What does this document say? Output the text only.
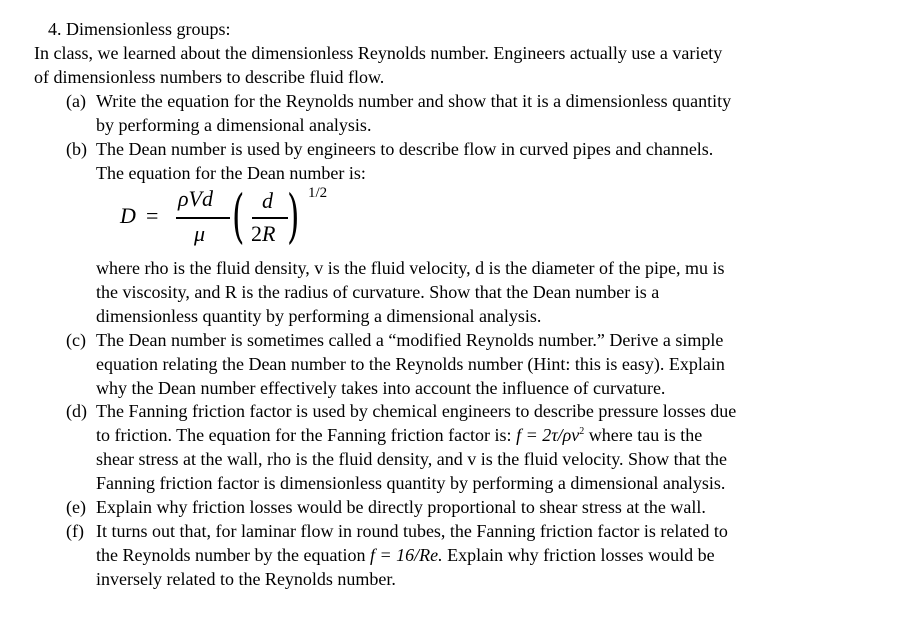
4. Dimensionless groups:
In class, we learned about the dimensionless Reynolds number. Engineers actually use a variety
of dimensionless numbers to describe fluid flow.
(a) Write the equation for the Reynolds number and show that it is a dimensionless quantity
by performing a dimensional analysis.
(b) The Dean number is used by engineers to describe flow in curved pipes and channels.
The equation for the Dean number is:
D =
ρVd
μ ( d
2R ) 1/2
where rho is the fluid density, v is the fluid velocity, d is the diameter of the pipe, mu is
the viscosity, and R is the radius of curvature. Show that the Dean number is a
dimensionless quantity by performing a dimensional analysis.
(c) The Dean number is sometimes called a “modified Reynolds number.” Derive a simple
equation relating the Dean number to the Reynolds number (Hint: this is easy). Explain
why the Dean number effectively takes into account the influence of curvature.
(d) The Fanning friction factor is used by chemical engineers to describe pressure losses due
to friction. The equation for the Fanning friction factor is: $f = 2\tau/\rho v^2$ where tau is the
shear stress at the wall, rho is the fluid density, and v is the fluid velocity. Show that the
Fanning friction factor is dimensionless quantity by performing a dimensional analysis.
(e) Explain why friction losses would be directly proportional to shear stress at the wall.
(f) It turns out that, for laminar flow in round tubes, the Fanning friction factor is related to
the Reynolds number by the equation f = 16/Re. Explain why friction losses would be
inversely related to the Reynolds number.
